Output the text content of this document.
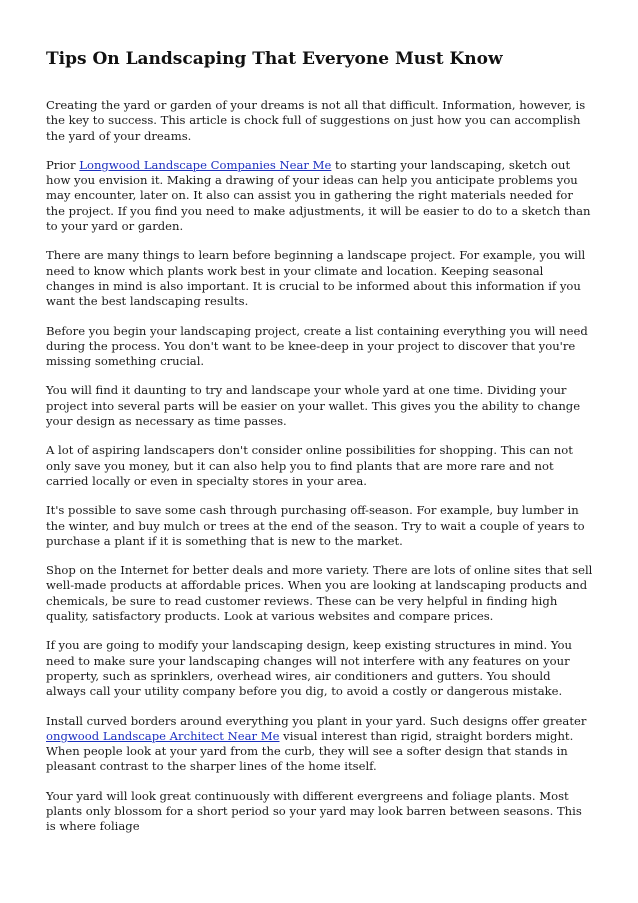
Tips On Landscaping That Everyone Must Know

Creating the yard or garden of your dreams is not all that difficult. Information, however, is the key to success. This article is chock full of suggestions on just how you can accomplish the yard of your dreams.

Prior Longwood Landscape Companies Near Me to starting your landscaping, sketch out how you envision it. Making a drawing of your ideas can help you anticipate problems you may encounter, later on. It also can assist you in gathering the right materials needed for the project. If you find you need to make adjustments, it will be easier to do to a sketch than to your yard or garden.

There are many things to learn before beginning a landscape project. For example, you will need to know which plants work best in your climate and location. Keeping seasonal changes in mind is also important. It is crucial to be informed about this information if you want the best landscaping results.

Before you begin your landscaping project, create a list containing everything you will need during the process. You don't want to be knee-deep in your project to discover that you're missing something crucial.

You will find it daunting to try and landscape your whole yard at one time. Dividing your project into several parts will be easier on your wallet. This gives you the ability to change your design as necessary as time passes.

A lot of aspiring landscapers don't consider online possibilities for shopping. This can not only save you money, but it can also help you to find plants that are more rare and not carried locally or even in specialty stores in your area.

It's possible to save some cash through purchasing off-season. For example, buy lumber in the winter, and buy mulch or trees at the end of the season. Try to wait a couple of years to purchase a plant if it is something that is new to the market.

Shop on the Internet for better deals and more variety. There are lots of online sites that sell well-made products at affordable prices. When you are looking at landscaping products and chemicals, be sure to read customer reviews. These can be very helpful in finding high quality, satisfactory products. Look at various websites and compare prices.

If you are going to modify your landscaping design, keep existing structures in mind. You need to make sure your landscaping changes will not interfere with any features on your property, such as sprinklers, overhead wires, air conditioners and gutters. You should always call your utility company before you dig, to avoid a costly or dangerous mistake.

Install curved borders around everything you plant in your yard. Such designs offer greater ongwood Landscape Architect Near Me visual interest than rigid, straight borders might. When people look at your yard from the curb, they will see a softer design that stands in pleasant contrast to the sharper lines of the home itself.

Your yard will look great continuously with different evergreens and foliage plants. Most plants only blossom for a short period so your yard may look barren between seasons. This is where foliage
